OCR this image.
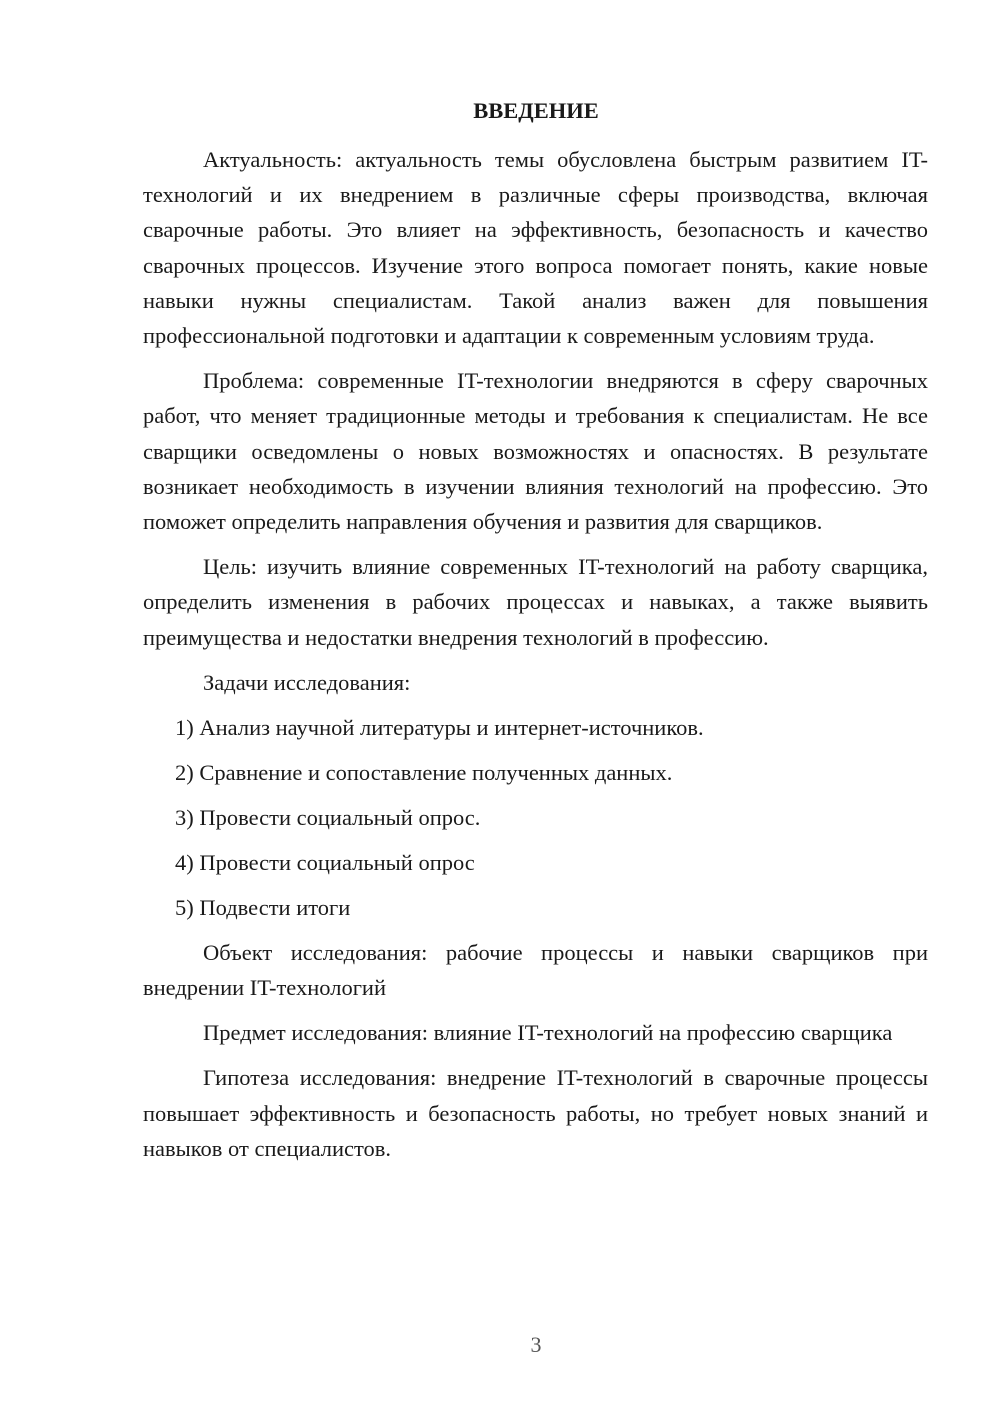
ВВЕДЕНИЕ

Актуальность: актуальность темы обусловлена быстрым развитием IT-технологий и их внедрением в различные сферы производства, включая сварочные работы. Это влияет на эффективность, безопасность и качество сварочных процессов. Изучение этого вопроса помогает понять, какие новые навыки нужны специалистам. Такой анализ важен для повышения профессиональной подготовки и адаптации к современным условиям труда.

Проблема: современные IT-технологии внедряются в сферу сварочных работ, что меняет традиционные методы и требования к специалистам. Не все сварщики осведомлены о новых возможностях и опасностях. В результате возникает необходимость в изучении влияния технологий на профессию. Это поможет определить направления обучения и развития для сварщиков.

Цель: изучить влияние современных IT-технологий на работу сварщика, определить изменения в рабочих процессах и навыках, а также выявить преимущества и недостатки внедрения технологий в профессию.

Задачи исследования:

1) Анализ научной литературы и интернет-источников.

2) Сравнение и сопоставление полученных данных.

3) Провести социальный опрос.

4) Провести социальный опрос

5) Подвести итоги

Объект исследования: рабочие процессы и навыки сварщиков при внедрении IT-технологий

Предмет исследования: влияние IT-технологий на профессию сварщика

Гипотеза исследования: внедрение IT-технологий в сварочные процессы повышает эффективность и безопасность работы, но требует новых знаний и навыков от специалистов.

3
